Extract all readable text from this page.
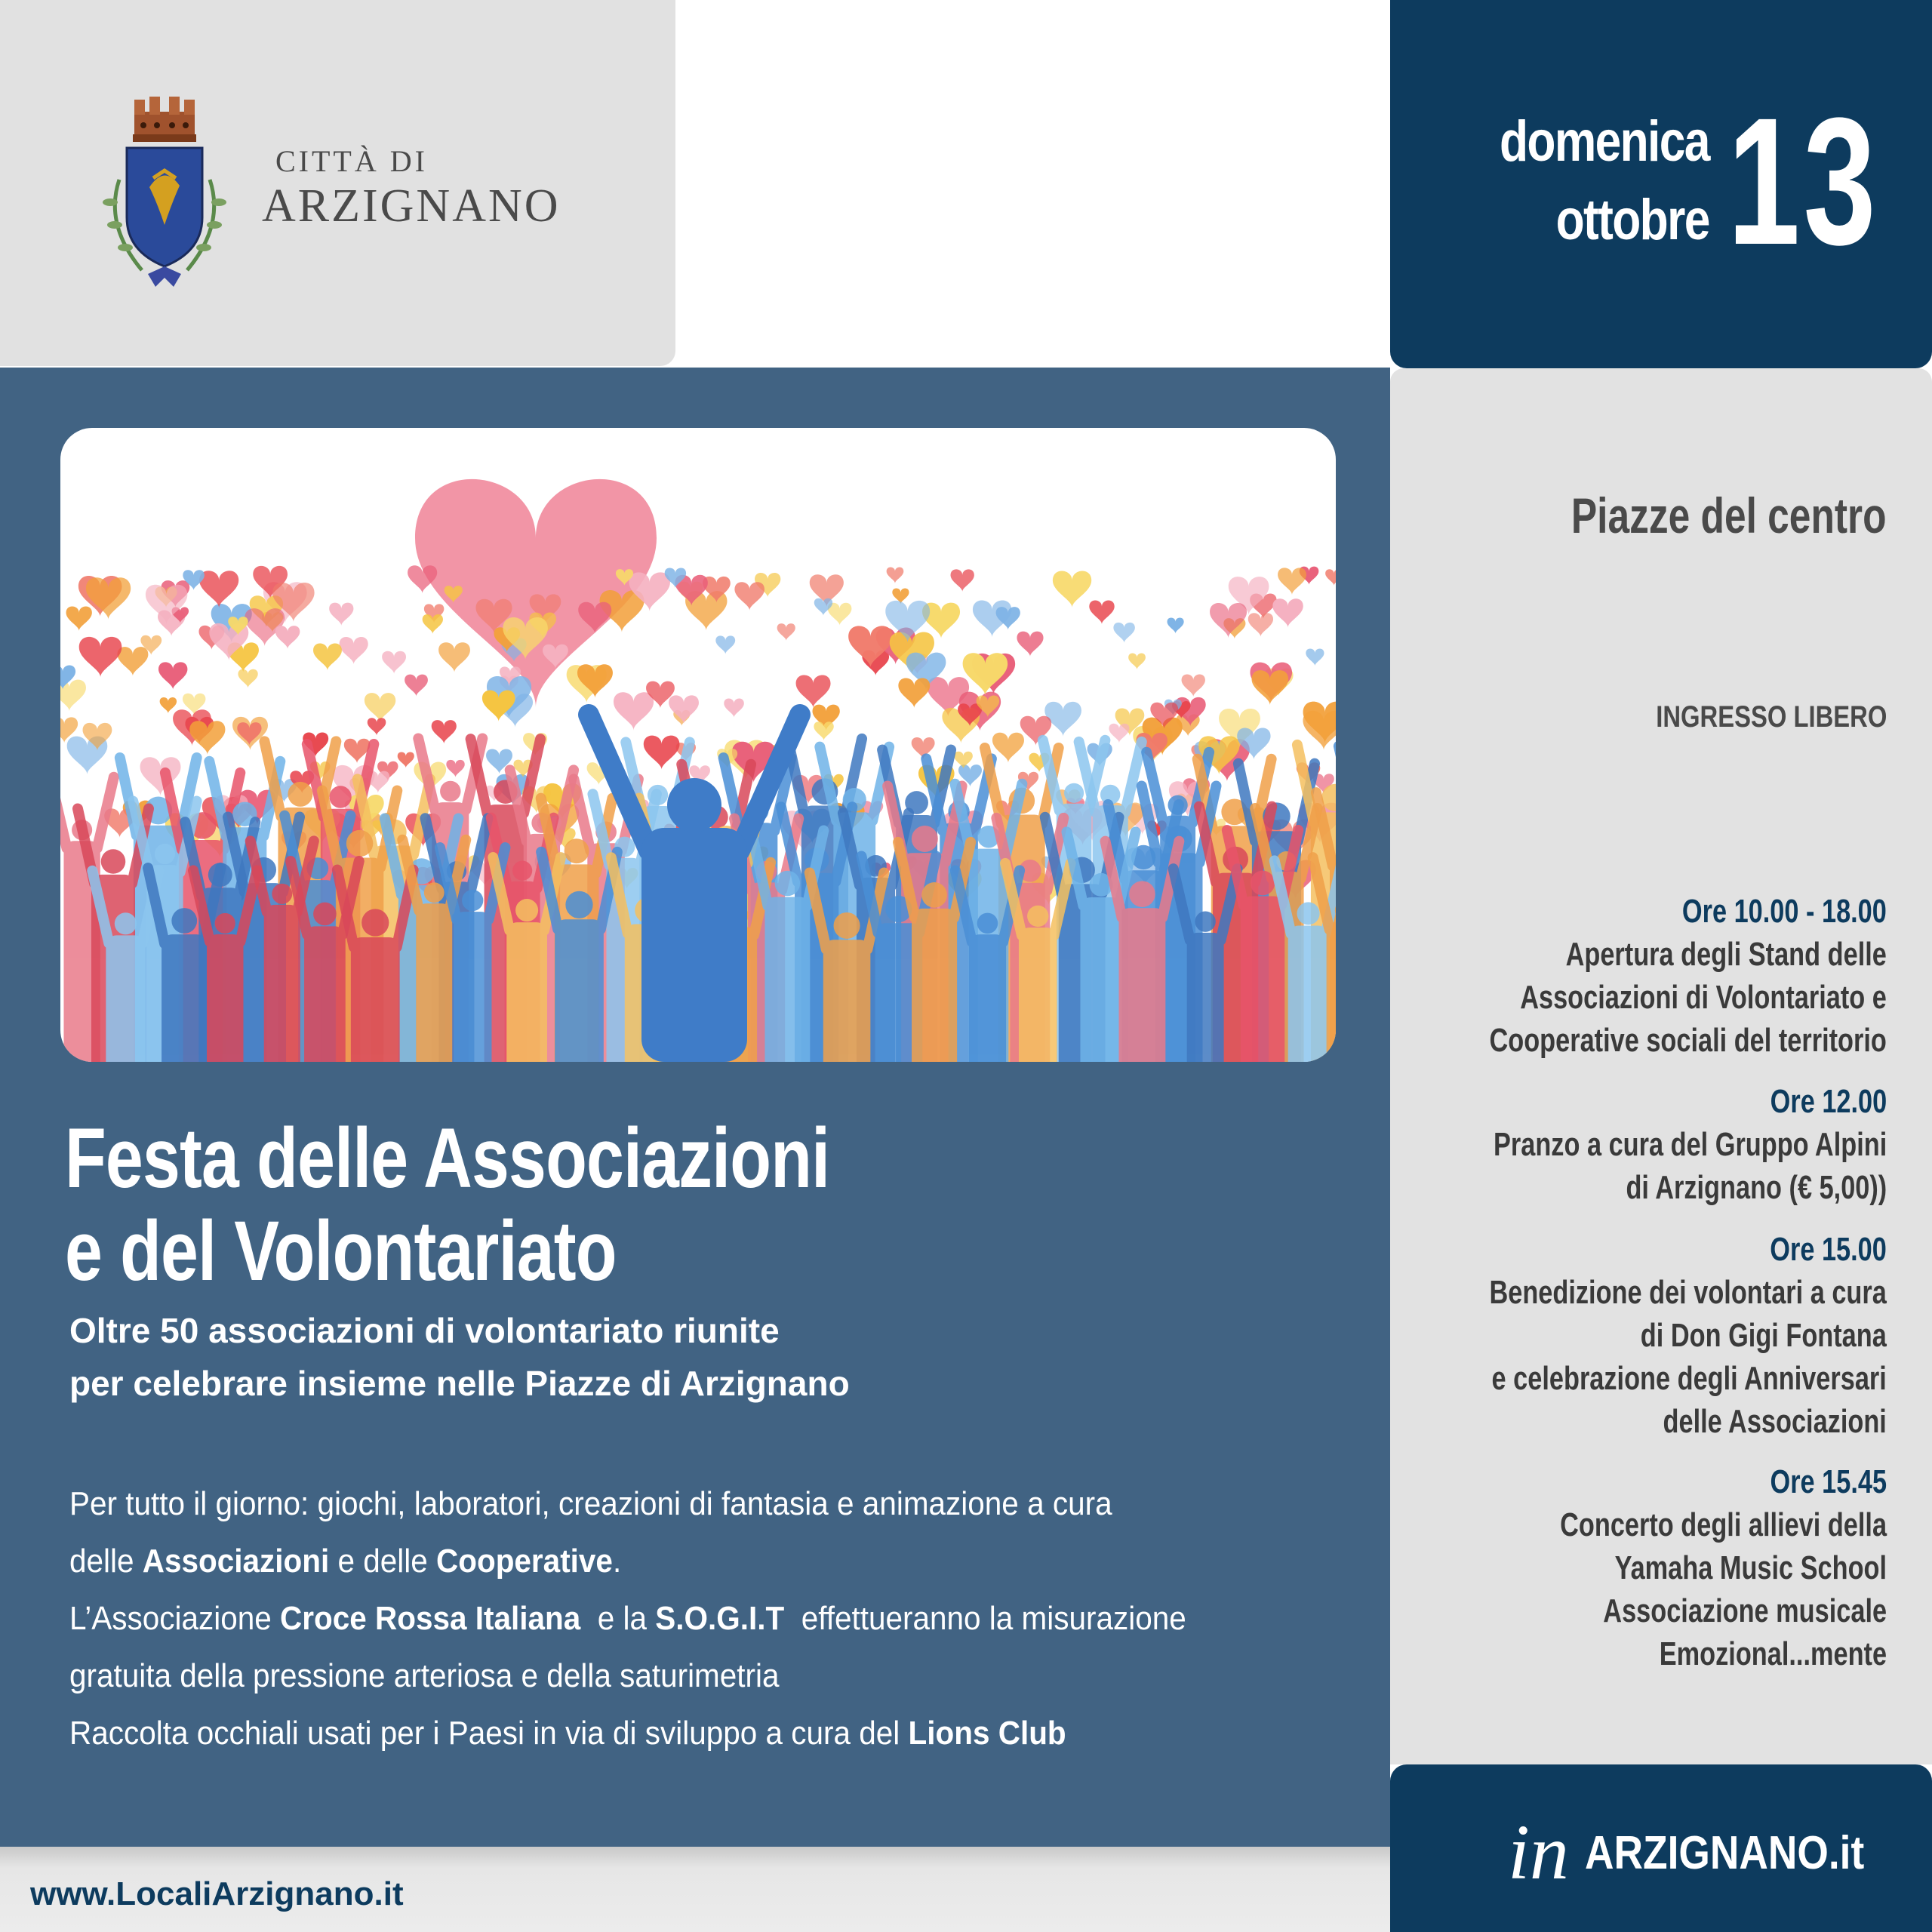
CITTÀ DI
ARZIGNANO
domenica
ottobre 13
Festa delle Associazioni
e del Volontariato
Oltre 50 associazioni di volontariato riunite
per celebrare insieme nelle Piazze di Arzignano
Per tutto il giorno: giochi, laboratori, creazioni di fantasia e animazione a cura
delle Associazioni e delle Cooperative.
L’Associazione Croce Rossa Italiana  e la S.O.G.I.T  effettueranno la misurazione
gratuita della pressione arteriosa e della saturimetria
Raccolta occhiali usati per i Paesi in via di sviluppo a cura del Lions Club
www.LocaliArzignano.it
Piazze del centro
INGRESSO LIBERO
Ore 10.00 - 18.00
Apertura degli Stand delle
Associazioni di Volontariato e
Cooperative sociali del territorio
Ore 12.00
Pranzo a cura del Gruppo Alpini
di Arzignano (€ 5,00))
Ore 15.00
Benedizione dei volontari a cura
di Don Gigi Fontana
e celebrazione degli Anniversari
delle Associazioni
Ore 15.45
Concerto degli allievi della
Yamaha Music School
Associazione musicale
Emozional...mente
in ARZIGNANO.it
